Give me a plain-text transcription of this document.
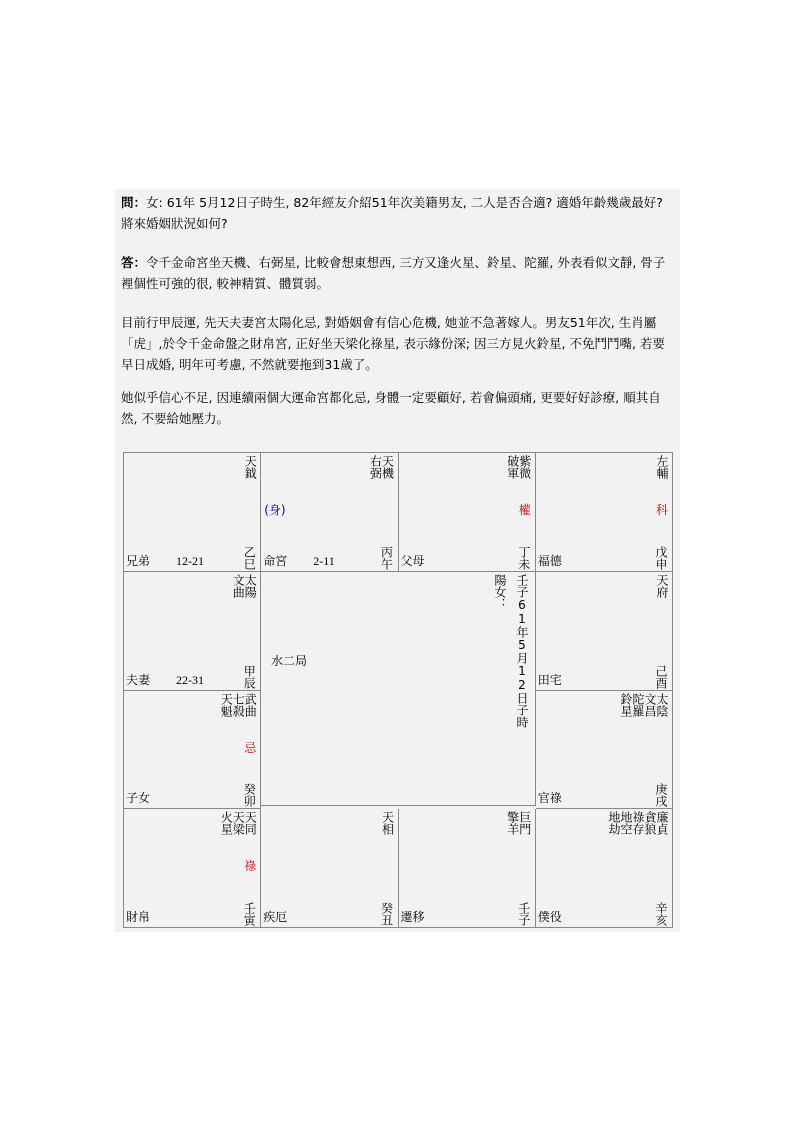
問：女: 61年 5月12日子時生, 82年經友介紹51年次美籍男友, 二人是否合適? 適婚年齡幾歲最好? 將來婚姻狀況如何?

答：令千金命宮坐天機、右弼星, 比較會想東想西, 三方又逢火星、鈴星、陀羅, 外表看似文靜, 骨子裡個性可強的很, 較神精質、體質弱。

目前行甲辰運, 先天夫妻宮太陽化忌, 對婚姻會有信心危機, 她並不急著嫁人。男友51年次, 生肖屬「虎」,於令千金命盤之財帛宮, 正好坐天梁化祿星, 表示緣份深; 因三方見火鈴星, 不免鬥鬥嘴, 若要早日成婚, 明年可考慮, 不然就要拖到31歲了。

她似乎信心不足, 因連續兩個大運命宮都化忌, 身體一定要顧好, 若會偏頭痛, 更要好好診療, 順其自然, 不要給她壓力。

陽女： 壬子61年5月12日子時
水二局
天鉞
乙巳
兄弟 12-21
右弼
天機
丙午
命宮 2-11
(身)
破軍
紫微
權
丁未
父母
左輔
科
戊申
福德
文曲
太陽
甲辰
夫妻 22-31
天府
己酉
田宅
天魁
七殺
武曲
忌
癸卯
子女
鈴星
陀羅
文昌
太陰
庚戌
官祿
火星
天梁
天同
祿
壬寅
財帛
天相
癸丑
疾厄
擎羊
巨門
壬子
遷移
地劫
地空
祿存
貪狼
廉貞
辛亥
僕役
